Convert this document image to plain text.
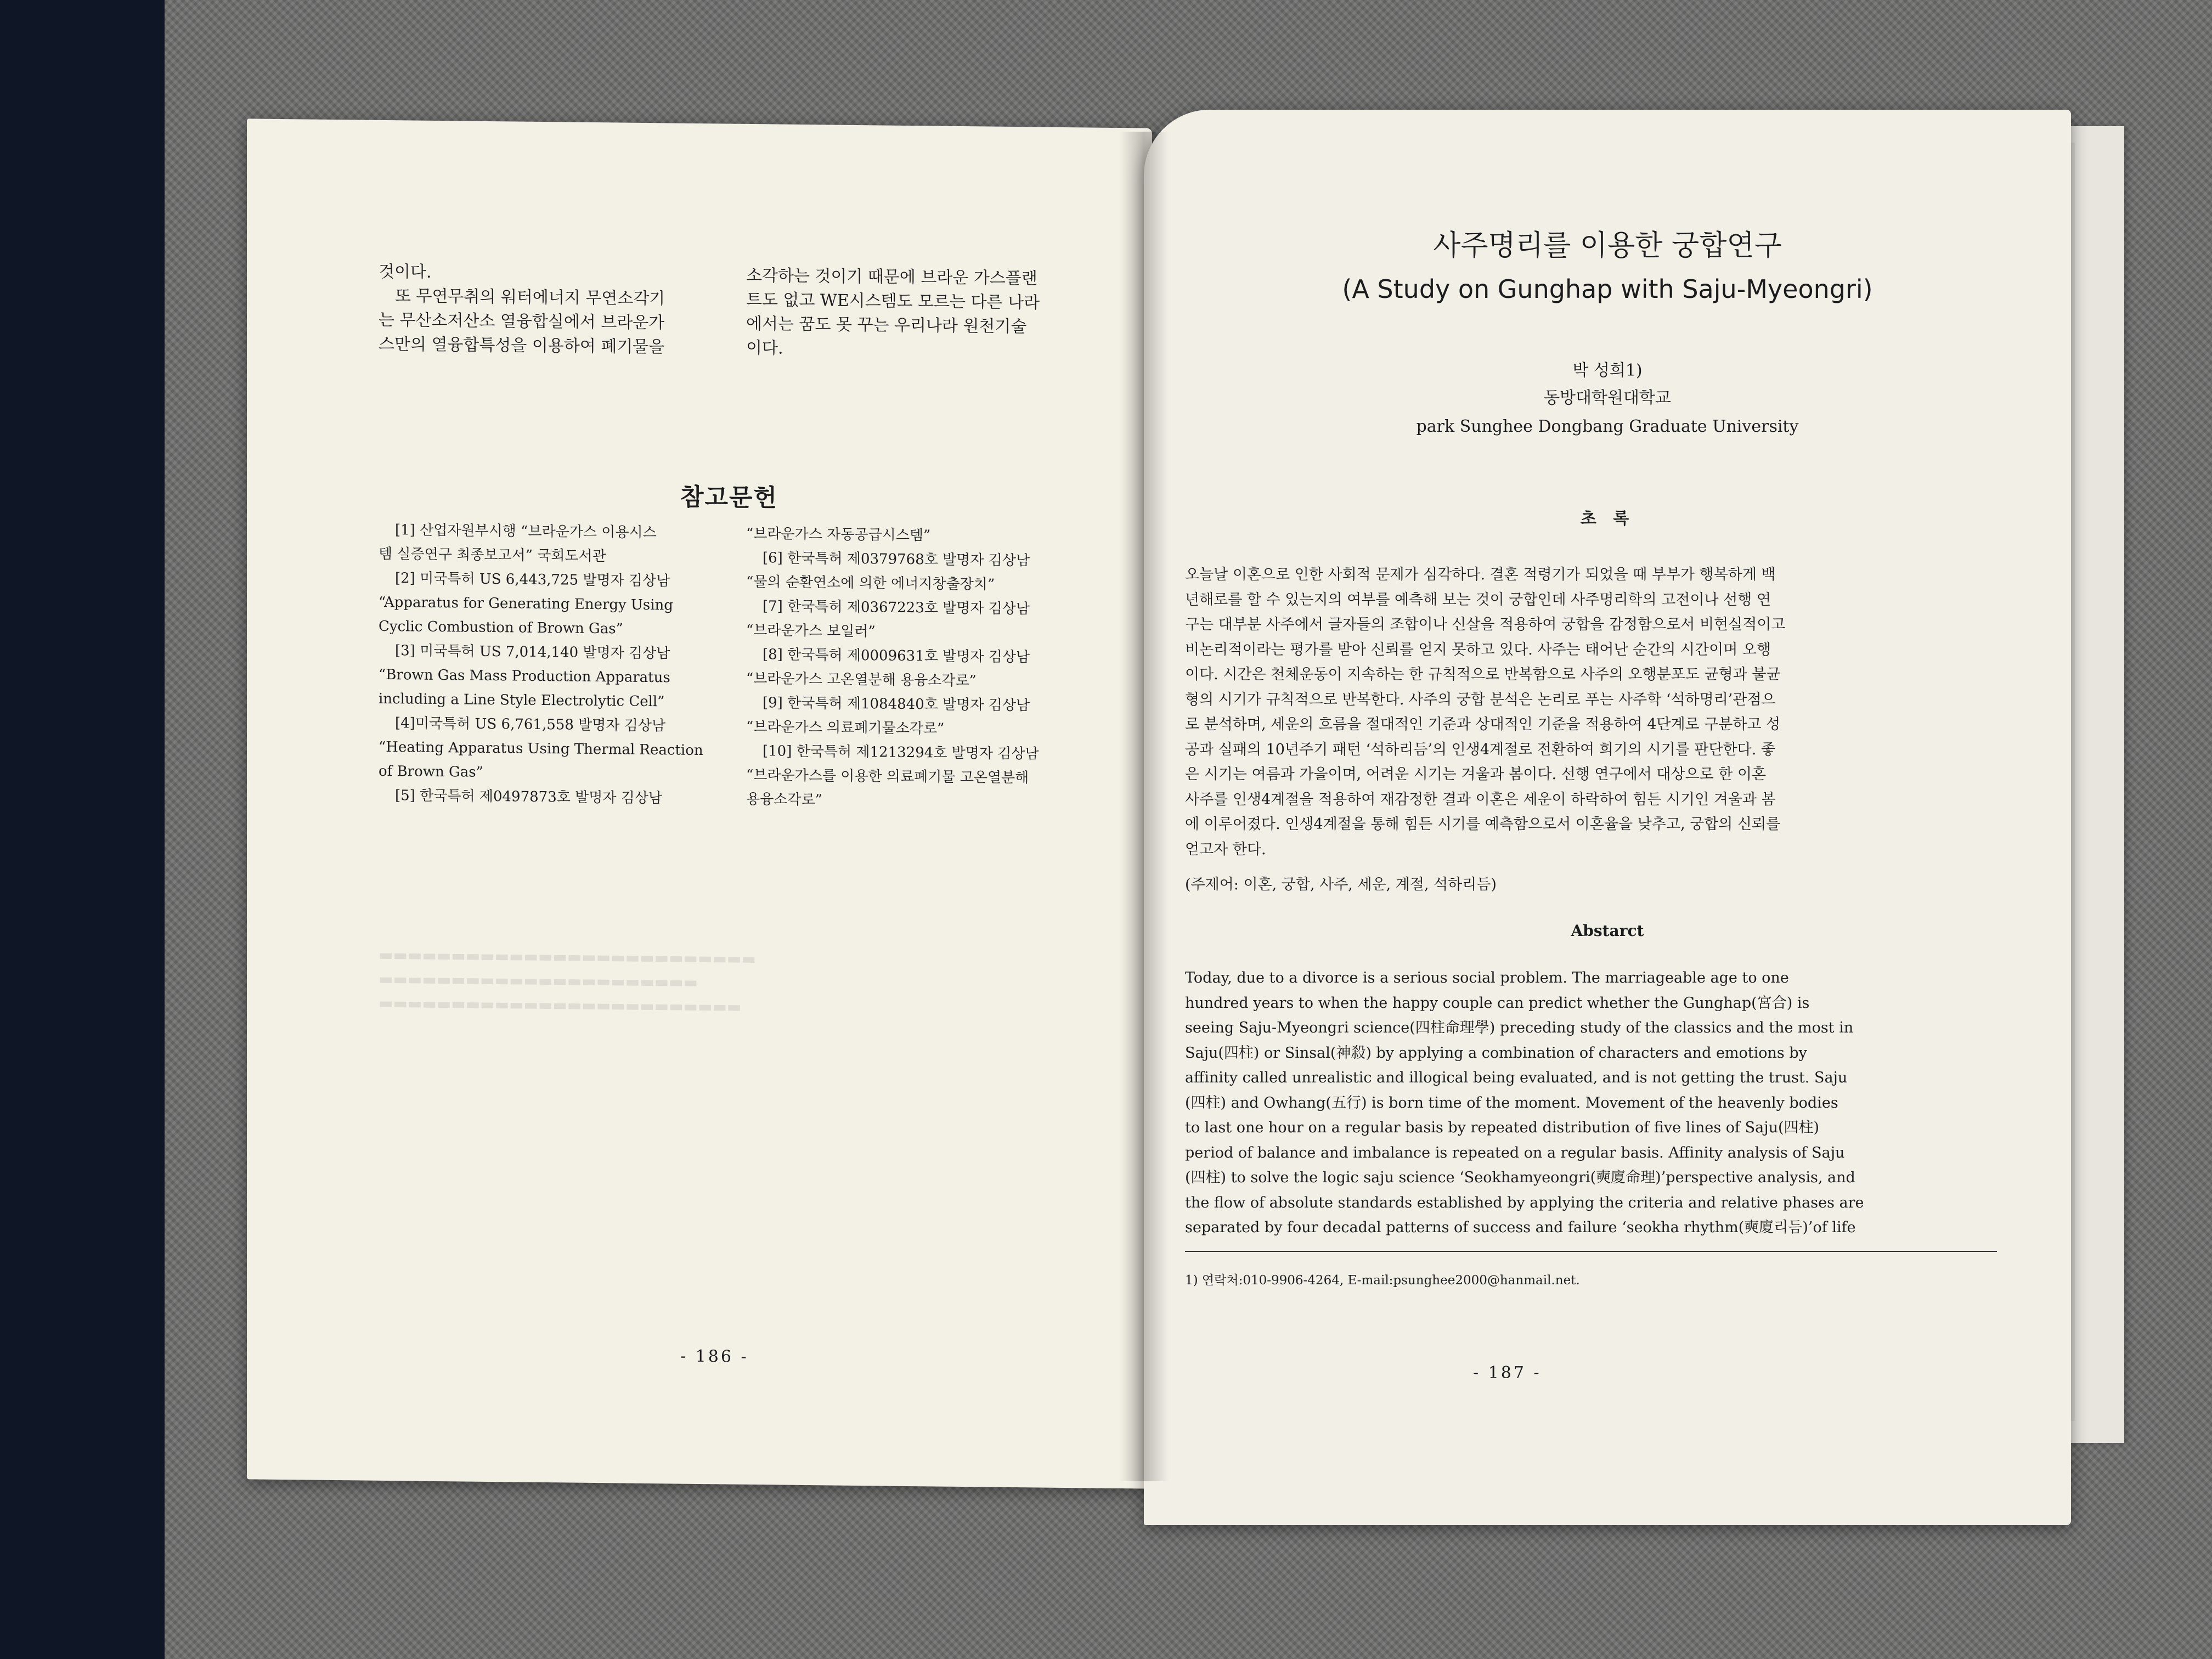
▬▬▬▬▬▬▬▬▬▬▬▬▬▬▬▬▬▬▬▬▬▬▬▬▬▬
▬▬▬▬▬▬▬▬▬▬▬▬▬▬▬▬▬▬▬▬▬▬
▬▬▬▬▬▬▬▬▬▬▬▬▬▬▬▬▬▬▬▬▬▬▬▬▬

것이다.

또 무연무취의 워터에너지 무연소각기

는 무산소저산소 열융합실에서 브라운가

스만의 열융합특성을 이용하여 폐기물을

소각하는 것이기 때문에 브라운 가스플랜

트도 없고 WE시스템도 모르는 다른 나라

에서는 꿈도 못 꾸는 우리나라 원천기술

이다.

참고문헌
[1] 산업자원부시행 “브라운가스 이용시스
템 실증연구 최종보고서” 국회도서관
[2] 미국특허 US 6,443,725 발명자 김상남
“Apparatus for Generating Energy Using
Cyclic Combustion of Brown Gas”
[3] 미국특허 US 7,014,140 발명자 김상남
“Brown Gas Mass Production Apparatus
including a Line Style Electrolytic Cell”
[4]미국특허 US 6,761,558 발명자 김상남
“Heating Apparatus Using Thermal Reaction
of Brown Gas”
[5] 한국특허 제0497873호 발명자 김상남
“브라운가스 자동공급시스템”
[6] 한국특허 제0379768호 발명자 김상남
“물의 순환연소에 의한 에너지창출장치”
[7] 한국특허 제0367223호 발명자 김상남
“브라운가스 보일러”
[8] 한국특허 제0009631호 발명자 김상남
“브라운가스 고온열분해 용융소각로”
[9] 한국특허 제1084840호 발명자 김상남
“브라운가스 의료폐기물소각로”
[10] 한국특허 제1213294호 발명자 김상남
“브라운가스를 이용한 의료폐기물 고온열분해
용융소각로”
- 186 -
사주명리를 이용한 궁합연구
(A Study on Gunghap with Saju-Myeongri)
박 성희1)
동방대학원대학교
park Sunghee Dongbang Graduate University
초 록
오늘날 이혼으로 인한 사회적 문제가 심각하다. 결혼 적령기가 되었을 때 부부가 행복하게 백
년해로를 할 수 있는지의 여부를 예측해 보는 것이 궁합인데 사주명리학의 고전이나 선행 연
구는 대부분 사주에서 글자들의 조합이나 신살을 적용하여 궁합을 감정함으로서 비현실적이고
비논리적이라는 평가를 받아 신뢰를 얻지 못하고 있다. 사주는 태어난 순간의 시간이며 오행
이다. 시간은 천체운동이 지속하는 한 규칙적으로 반복함으로 사주의 오행분포도 균형과 불균
형의 시기가 규칙적으로 반복한다. 사주의 궁합 분석은 논리로 푸는 사주학 ‘석하명리’관점으
로 분석하며, 세운의 흐름을 절대적인 기준과 상대적인 기준을 적용하여 4단계로 구분하고 성
공과 실패의 10년주기 패턴 ‘석하리듬’의 인생4계절로 전환하여 희기의 시기를 판단한다. 좋
은 시기는 여름과 가을이며, 어려운 시기는 겨울과 봄이다. 선행 연구에서 대상으로 한 이혼
사주를 인생4계절을 적용하여 재감정한 결과 이혼은 세운이 하락하여 힘든 시기인 겨울과 봄
에 이루어졌다. 인생4계절을 통해 힘든 시기를 예측함으로서 이혼율을 낮추고, 궁합의 신뢰를
얻고자 한다.
(주제어: 이혼, 궁합, 사주, 세운, 계절, 석하리듬)
Abstarct
Today, due to a divorce is a serious social problem. The marriageable age to one
hundred years to when the happy couple can predict whether the Gunghap(宮合) is
seeing Saju-Myeongri science(四柱命理學) preceding study of the classics and the most in
Saju(四柱) or Sinsal(神殺) by applying a combination of characters and emotions by
affinity called unrealistic and illogical being evaluated, and is not getting the trust. Saju
(四柱) and Owhang(五行) is born time of the moment. Movement of the heavenly bodies
to last one hour on a regular basis by repeated distribution of five lines of Saju(四柱)
period of balance and imbalance is repeated on a regular basis. Affinity analysis of Saju
(四柱) to solve the logic saju science ‘Seokhamyeongri(奭廈命理)’perspective analysis, and
the flow of absolute standards established by applying the criteria and relative phases are
separated by four decadal patterns of success and failure ‘seokha rhythm(奭廈리듬)’of life
1) 연락처:010-9906-4264, E-mail:psunghee2000@hanmail.net.
- 187 -
